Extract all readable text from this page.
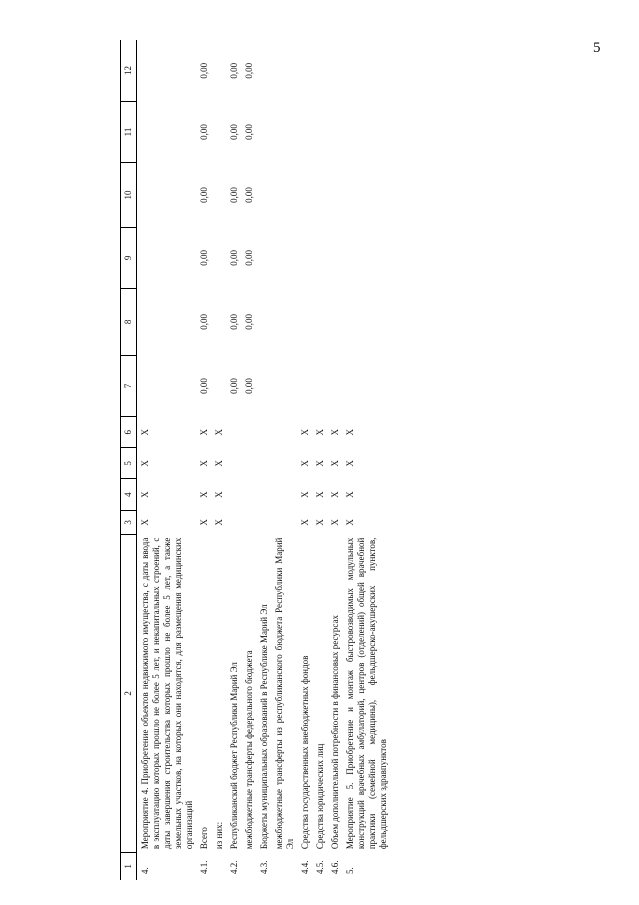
5
1	2	3	4	5	6	7	8	9	10	11	12
4.	Мероприятие 4. Приобретение объектов недвижимого имущества, с даты ввода в эксплуатацию которых прошло не более 5 лет, и некапитальных строений, с даты завершения строительства которых прошло не более 5 лет, а также земельных участков, на которых они находятся, для размещения медицинских организаций	Х	Х	Х	Х						
4.1.	Всего	Х	Х	Х	Х	0,00	0,00	0,00	0,00	0,00	0,00
	из них:	Х	Х	Х	Х						
4.2.	Республиканский бюджет Республики Марий Эл					0,00	0,00	0,00	0,00	0,00	0,00
	межбюджетные трансферты федерального бюджета					0,00	0,00	0,00	0,00	0,00	0,00
4.3.	Бюджеты муниципальных образований в Республике Марий Эл										
	межбюджетные трансферты из республиканского бюджета Республики Марий Эл										
4.4.	Средства государственных внебюджетных фондов	Х	Х	Х	Х						
4.5.	Средства юридических лиц	Х	Х	Х	Х						
4.6.	Объем дополнительной потребности в финансовых ресурсах	Х	Х	Х	Х						
5.	Мероприятие 5. Приобретение и монтаж быстровозводимых модульных конструкций врачебных амбулаторий, центров (отделений) общей врачебной практики (семейной медицины), фельдшерско-акушерских пунктов, фельдшерских здравпунктов	Х	Х	Х	Х						
